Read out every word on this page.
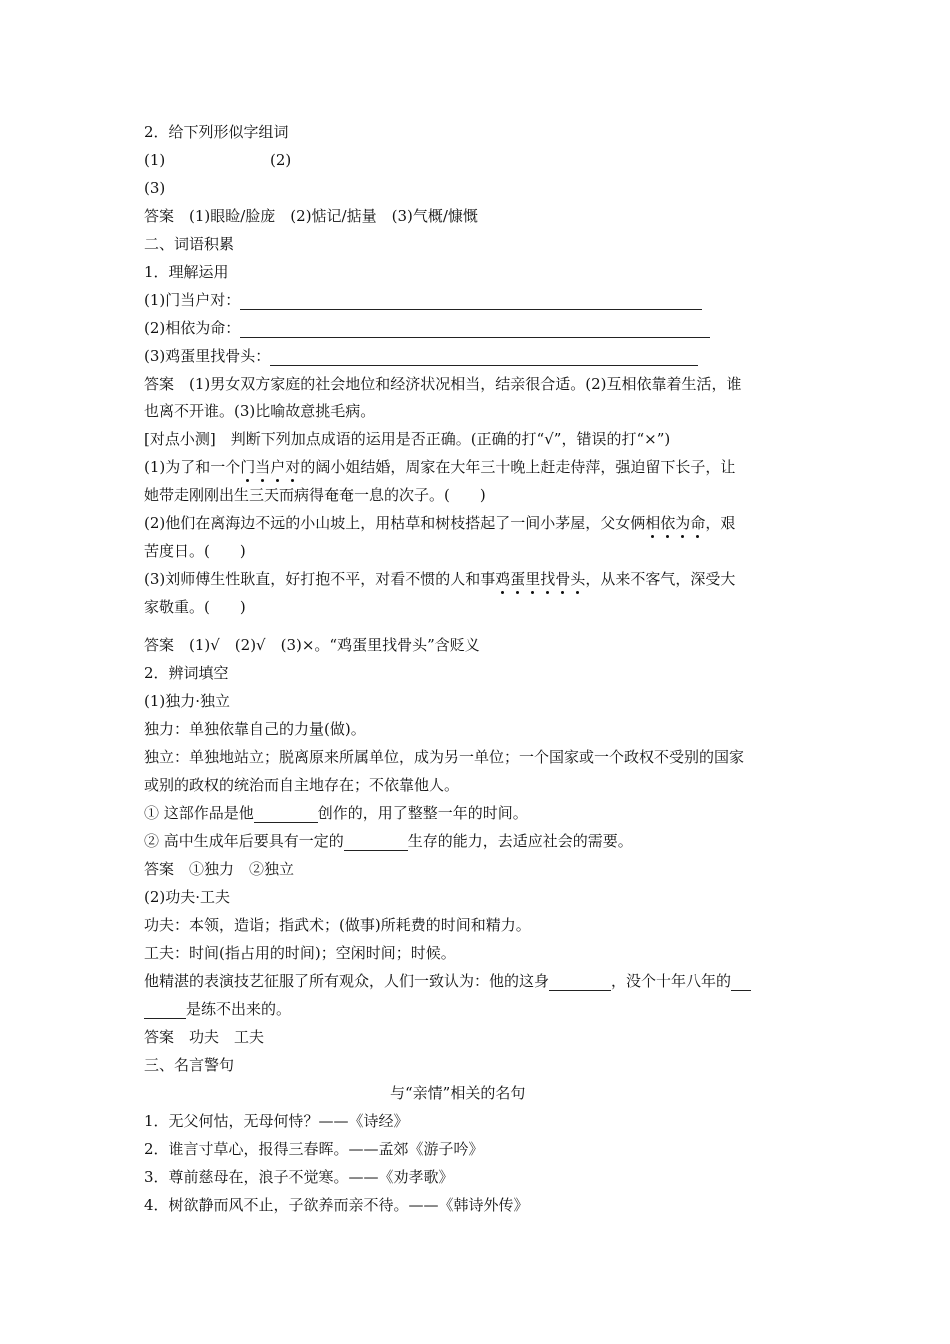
2．给下列形似字组词
(1)	(2)
(3)
答案　(1)眼睑/脸庞　(2)惦记/掂量　(3)气概/慷慨
二、词语积累
1．理解运用
(1)门当户对：
(2)相依为命：
(3)鸡蛋里找骨头：
答案　(1)男女双方家庭的社会地位和经济状况相当，结亲很合适。(2)互相依靠着生活，谁
也离不开谁。(3)比喻故意挑毛病。
[对点小测]　判断下列加点成语的运用是否正确。(正确的打“√”，错误的打“×”)
(1)为了和一个门当户对的阔小姐结婚，周家在大年三十晚上赶走侍萍，强迫留下长子，让
她带走刚刚出生三天而病得奄奄一息的次子。(　　)
(2)他们在离海边不远的小山坡上，用枯草和树枝搭起了一间小茅屋，父女俩相依为命，艰
苦度日。(　　)
(3)刘师傅生性耿直，好打抱不平，对看不惯的人和事鸡蛋里找骨头，从来不客气，深受大
家敬重。(　　)
答案　(1)√　(2)√　(3)×。“鸡蛋里找骨头”含贬义
2．辨词填空
(1)独力·独立
独力：单独依靠自己的力量(做)。
独立：单独地站立；脱离原来所属单位，成为另一单位；一个国家或一个政权不受别的国家
或别的政权的统治而自主地存在；不依靠他人。
① 这部作品是他	创作的，用了整整一年的时间。
② 高中生成年后要具有一定的	生存的能力，去适应社会的需要。
答案　①独力　②独立
(2)功夫·工夫
功夫：本领，造诣；指武术；(做事)所耗费的时间和精力。
工夫：时间(指占用的时间)；空闲时间；时候。
他精湛的表演技艺征服了所有观众，人们一致认为：他的这身	，没个十年八年的
是练不出来的。
答案　功夫　工夫
三、名言警句
与“亲情”相关的名句
1．无父何怙，无母何恃？——《诗经》
2．谁言寸草心，报得三春晖。——孟郊《游子吟》
3．尊前慈母在，浪子不觉寒。——《劝孝歌》
4．树欲静而风不止，子欲养而亲不待。——《韩诗外传》
